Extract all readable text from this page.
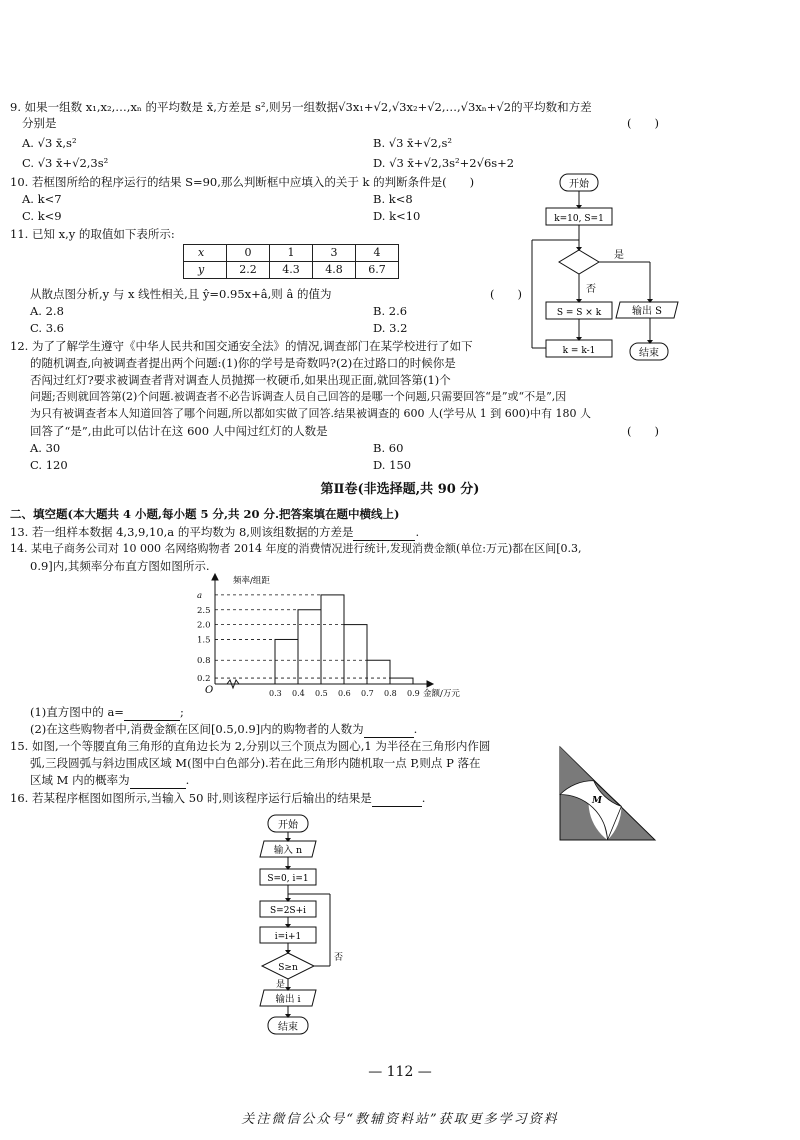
9. 如果一组数 x₁,x₂,…,xₙ 的平均数是 x̄,方差是 s²,则另一组数据√3x₁+√2,√3x₂+√2,…,√3xₙ+√2的平均数和方差
分别是	(　　)
A. √3 x̄,s²	B. √3 x̄+√2,s²
C. √3 x̄+√2,3s²	D. √3 x̄+√2,3s²+2√6s+2
10. 若框图所给的程序运行的结果 S=90,那么判断框中应填入的关于 k 的判断条件是(　　)
A. k<7	B. k<8
C. k<9	D. k<10
开始
k=10, S=1
是
否
S = S × k
k = k-1
输出 S
结束
11. 已知 x,y 的取值如下表所示:
x	0	1	3	4
y	2.2	4.3	4.8	6.7
从散点图分析,y 与 x 线性相关,且 ŷ=0.95x+â,则 â 的值为	(　　)
A. 2.8	B. 2.6
C. 3.6	D. 3.2
12. 为了了解学生遵守《中华人民共和国交通安全法》的情况,调查部门在某学校进行了如下
的随机调查,向被调查者提出两个问题:(1)你的学号是奇数吗?(2)在过路口的时候你是
否闯过红灯?要求被调查者背对调查人员抛掷一枚硬币,如果出现正面,就回答第(1)个
问题;否则就回答第(2)个问题.被调查者不必告诉调查人员自己回答的是哪一个问题,只需要回答“是”或“不是”,因
为只有被调查者本人知道回答了哪个问题,所以都如实做了回答.结果被调查的 600 人(学号从 1 到 600)中有 180 人
回答了“是”,由此可以估计在这 600 人中闯过红灯的人数是	(　　)
A. 30	B. 60
C. 120	D. 150
第Ⅱ卷(非选择题,共 90 分)
二、填空题(本大题共 4 小题,每小题 5 分,共 20 分.把答案填在题中横线上)
13. 若一组样本数据 4,3,9,10,a 的平均数为 8,则该组数据的方差是	.
14. 某电子商务公司对 10 000 名网络购物者 2014 年度的消费情况进行统计,发现消费金额(单位:万元)都在区间[0.3,
0.9]内,其频率分布直方图如图所示.
0.2
0.8
1.5
2.0
2.5
a
0.3 0.4 0.5 0.6 0.7 0.8 0.9
频率/组距
金额/万元
O
(1)直方图中的 a=	;
(2)在这些购物者中,消费金额在区间[0.5,0.9]内的购物者的人数为	.
15. 如图,一个等腰直角三角形的直角边长为 2,分别以三个顶点为圆心,1 为半径在三角形内作圆
弧,三段圆弧与斜边围成区域 M(图中白色部分).若在此三角形内随机取一点 P,则点 P 落在
区域 M 内的概率为	.
M
16. 若某程序框图如图所示,当输入 50 时,则该程序运行后输出的结果是	.
开始
输入 n
S=0, i=1
S=2S+i
i=i+1
S≥n
否
是
输出 i
结束
— 112 —
关注微信公众号“教辅资料站”获取更多学习资料
